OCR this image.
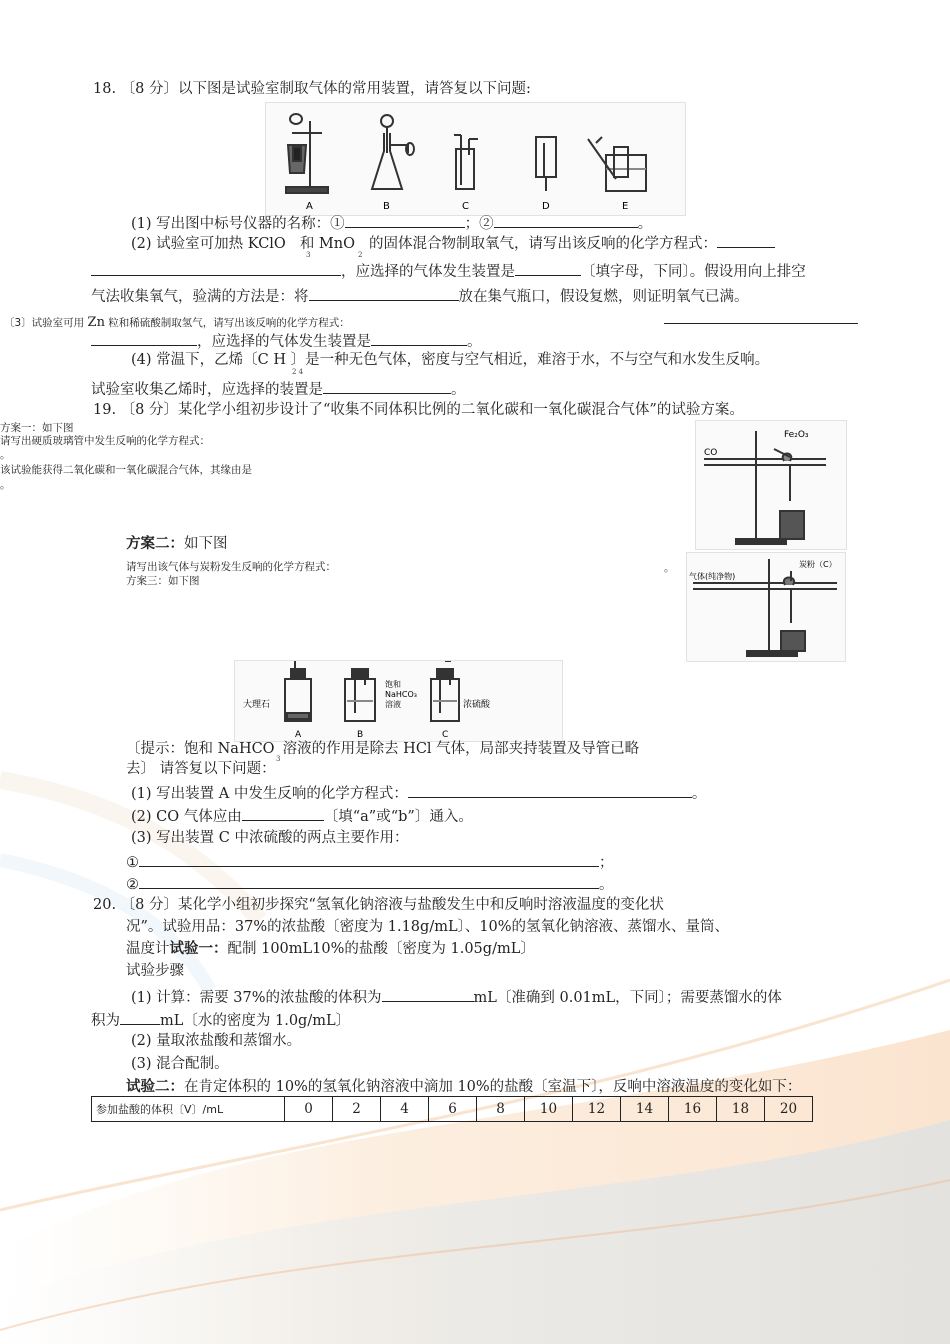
18. 〔8 分〕以下图是试验室制取气体的常用装置，请答复以下问题:
A	B	C	D	E
(1) 写出图中标号仪器的名称：①	；②	。
(2) 试验室可加热 KClO 和 MnO 的固体混合物制取氧气，请写出该反响的化学方程式：
3	2
，应选择的气体发生装置是	〔填字母，下同〕。假设用向上排空
气法收集氧气，验满的方法是：将	放在集气瓶口，假设复燃，则证明氧气已满。
〔3〕试验室可用 Zn 粒和稀硫酸制取氢气，请写出该反响的化学方程式：
，应选择的气体发生装置是	。
(4) 常温下，乙烯〔C H 〕是一种无色气体，密度与空气相近，难溶于水，不与空气和水发生反响。
2 4
试验室收集乙烯时，应选择的装置是	。
19. 〔8 分〕某化学小组初步设计了“收集不同体积比例的二氧化碳和一氧化碳混合气体”的试验方案。
方案一：如下图
请写出硬质玻璃管中发生反响的化学方程式：
。
该试验能获得二氧化碳和一氧化碳混合气体，其缘由是
。
CO
Fe₂O₃
方案二：如下图
请写出该气体与炭粉发生反响的化学方程式：	。
方案三：如下图	气体(纯净物)
炭粉（C）
大理石
饱和 NaHCO₃ 溶液	浓硫酸
A	B	C
〔提示：饱和 NaHCO 溶液的作用是除去 HCl 气体，局部夹持装置及导管已略
3
去〕 请答复以下问题：
(1) 写出装置 A 中发生反响的化学方程式：	。
(2) CO 气体应由	〔填“a”或“b”〕通入。
(3) 写出装置 C 中浓硫酸的两点主要作用：
①	；
②	。
20. 〔8 分〕某化学小组初步探究“氢氧化钠溶液与盐酸发生中和反响时溶液温度的变化状
况”。试验用品：37%的浓盐酸〔密度为 1.18g/mL〕、10%的氢氧化钠溶液、蒸馏水、量筒、
温度计试验一：配制 100mL10%的盐酸〔密度为 1.05g/mL〕
试验步骤
(1) 计算：需要 37%的浓盐酸的体积为	mL〔准确到 0.01mL，下同〕；需要蒸馏水的体
积为	mL〔水的密度为 1.0g/mL〕
(2) 量取浓盐酸和蒸馏水。
(3) 混合配制。
试验二：在肯定体积的 10%的氢氧化钠溶液中滴加 10%的盐酸〔室温下〕，反响中溶液温度的变化如下：
参加盐酸的体积〔V〕/mL	0	2	4	6	8	10	12	14	16	18	20
